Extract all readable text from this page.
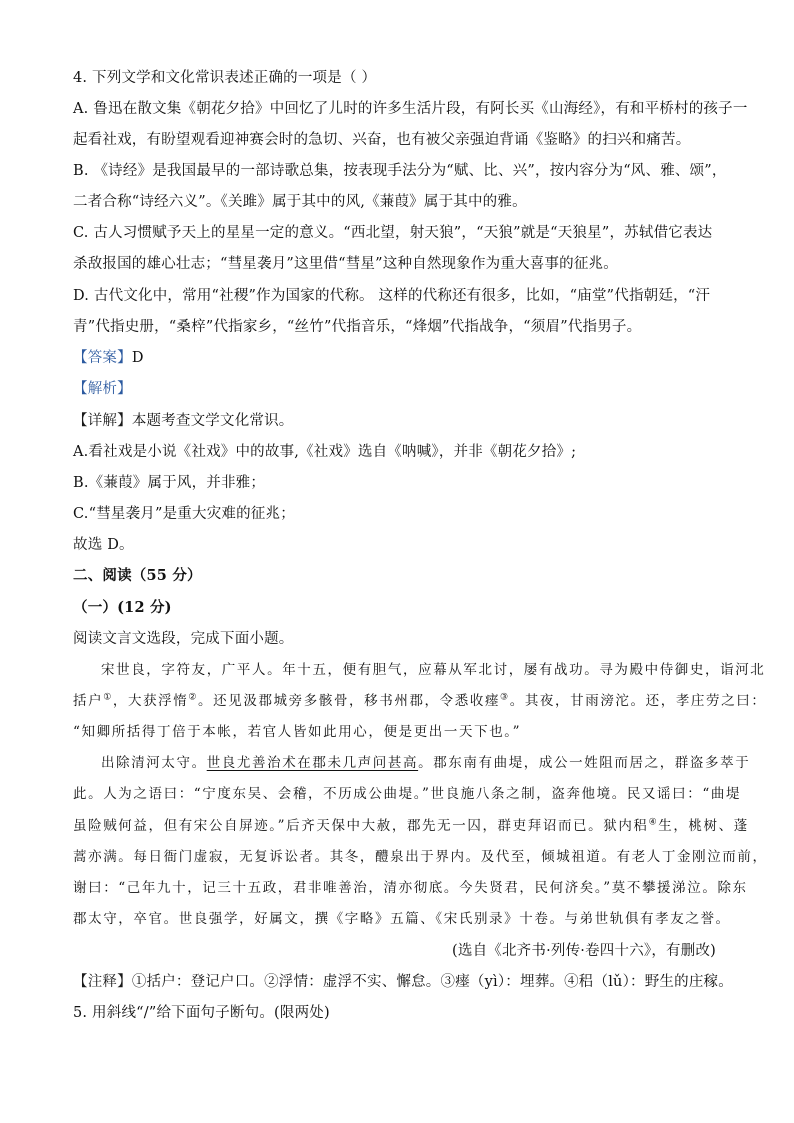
4. 下列文学和文化常识表述正确的一项是（ ）
A. 鲁迅在散文集《朝花夕拾》中回忆了儿时的许多生活片段，有阿长买《山海经》，有和平桥村的孩子一
起看社戏，有盼望观看迎神赛会时的急切、兴奋，也有被父亲强迫背诵《鉴略》的扫兴和痛苦。
B. 《诗经》是我国最早的一部诗歌总集，按表现手法分为“赋、比、兴”，按内容分为“风、雅、颂”，
二者合称“诗经六义”。《关雎》属于其中的风,《蒹葭》属于其中的雅。
C. 古人习惯赋予天上的星星一定的意义。“西北望，射天狼”，“天狼”就是“天狼星”，苏轼借它表达
杀敌报国的雄心壮志；“彗星袭月”这里借“彗星”这种自然现象作为重大喜事的征兆。
D. 古代文化中，常用“社稷”作为国家的代称。 这样的代称还有很多，比如，“庙堂”代指朝廷，“汗
青”代指史册，“桑梓”代指家乡，“丝竹”代指音乐，“烽烟”代指战争，“须眉”代指男子。
【答案】D
【解析】
【详解】本题考查文学文化常识。
A.看社戏是小说《社戏》中的故事,《社戏》选自《呐喊》，并非《朝花夕拾》;
B.《蒹葭》属于风，并非雅；
C.“彗星袭月”是重大灾难的征兆；
故选 D。
二、阅读（55 分）
（一）(12 分)
阅读文言文选段，完成下面小题。
宋世良，字符友，广平人。年十五，便有胆气，应幕从军北讨，屡有战功。寻为殿中侍御史，诣河北
括户①，大获浮惰②。还见汲郡城旁多骸骨，移书州郡，令悉收瘗③。其夜，甘雨滂沱。还，孝庄劳之曰：
“知卿所括得丁倍于本帐，若官人皆如此用心，便是更出一天下也。”
出除清河太守。世良尤善治术在郡未几声问甚高。郡东南有曲堤，成公一姓阻而居之，群盗多萃于
此。人为之语曰：“宁度东吴、会稽，不历成公曲堤。”世良施八条之制，盗奔他境。民又谣曰：“曲堤
虽险贼何益，但有宋公自屏迹。”后齐天保中大赦，郡先无一囚，群吏拜诏而已。狱内稆④生，桃树、蓬
蒿亦满。每日衙门虚寂，无复诉讼者。其冬，醴泉出于界内。及代至，倾城祖道。有老人丁金刚泣而前，
谢曰：“己年九十，记三十五政，君非唯善治，清亦彻底。今失贤君，民何济矣。”莫不攀援涕泣。除东
郡太守，卒官。世良强学，好属文，撰《字略》五篇、《宋氏别录》十卷。与弟世轨俱有孝友之誉。
(选自《北齐书·列传·卷四十六》，有删改)
【注释】①括户：登记户口。②浮情：虚浮不实、懈怠。③瘗（yì）：埋葬。④稆（lǔ）：野生的庄稼。
5. 用斜线“/”给下面句子断句。(限两处)
